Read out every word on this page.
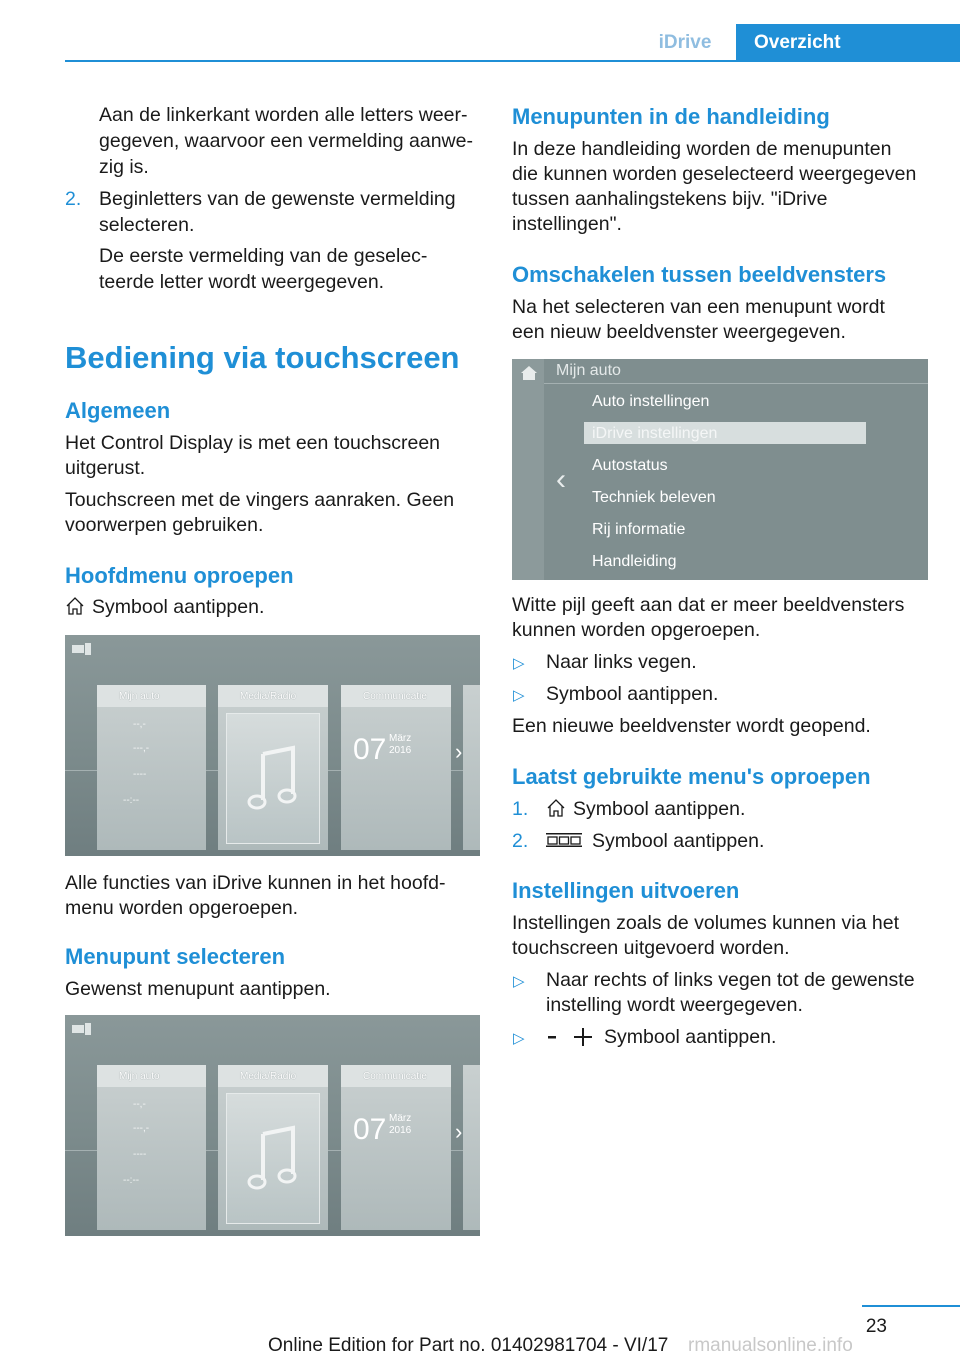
iDrive	Overzicht
Aan de linkerkant worden alle letters weer-
gegeven, waarvoor een vermelding aanwe-
zig is.
2. Beginletters van de gewenste vermelding
selecteren.
De eerste vermelding van de geselec-
teerde letter wordt weergegeven.
Bediening via touchscreen
Algemeen
Het Control Display is met een touchscreen
uitgerust.
Touchscreen met de vingers aanraken. Geen
voorwerpen gebruiken.
Hoofdmenu oproepen
Symbool aantippen.
Mijn auto
--,-
---,-
----
--:--
Media/Radio	Communicatie
07 März
2016 ›
Alle functies van iDrive kunnen in het hoofd-
menu worden opgeroepen.
Menupunt selecteren
Gewenst menupunt aantippen.
Mijn auto
--,-
---,-
----
--:--
Media/Radio	Communicatie
07 März
2016 ›
Menupunten in de handleiding
In deze handleiding worden de menupunten
die kunnen worden geselecteerd weergegeven
tussen aanhalingstekens bijv. "iDrive
instellingen".
Omschakelen tussen beeldvensters
Na het selecteren van een menupunt wordt
een nieuw beeldvenster weergegeven.
Mijn auto
‹
Auto instellingen
iDrive instellingen
Autostatus
Techniek beleven
Rij informatie
Handleiding
Witte pijl geeft aan dat er meer beeldvensters
kunnen worden opgeroepen.
▷ Naar links vegen.
▷ Symbool aantippen.
Een nieuwe beeldvenster wordt geopend.
Laatst gebruikte menu's oproepen
1. Symbool aantippen.
2.	Symbool aantippen.
Instellingen uitvoeren
Instellingen zoals de volumes kunnen via het
touchscreen uitgevoerd worden.
▷ Naar rechts of links vegen tot de gewenste
instelling wordt weergegeven.
▷	Symbool aantippen.
23
Online Edition for Part no. 01402981704 - VI/17 rmanualsonline.info
